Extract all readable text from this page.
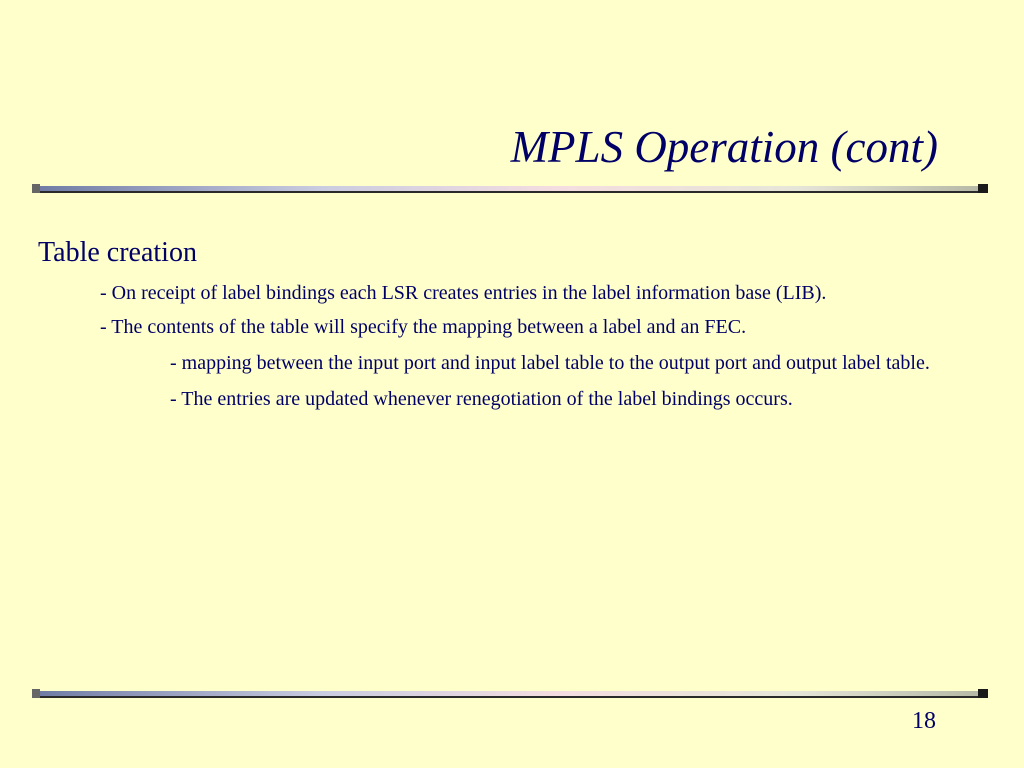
MPLS Operation (cont)

Table creation

- On receipt of label bindings each LSR creates entries in the label information base (LIB).

- The contents of the table will specify the mapping between a label and an FEC.

- mapping between the input port and input label table to the output port and output label table.

- The entries are updated whenever renegotiation of the label bindings occurs.

18
